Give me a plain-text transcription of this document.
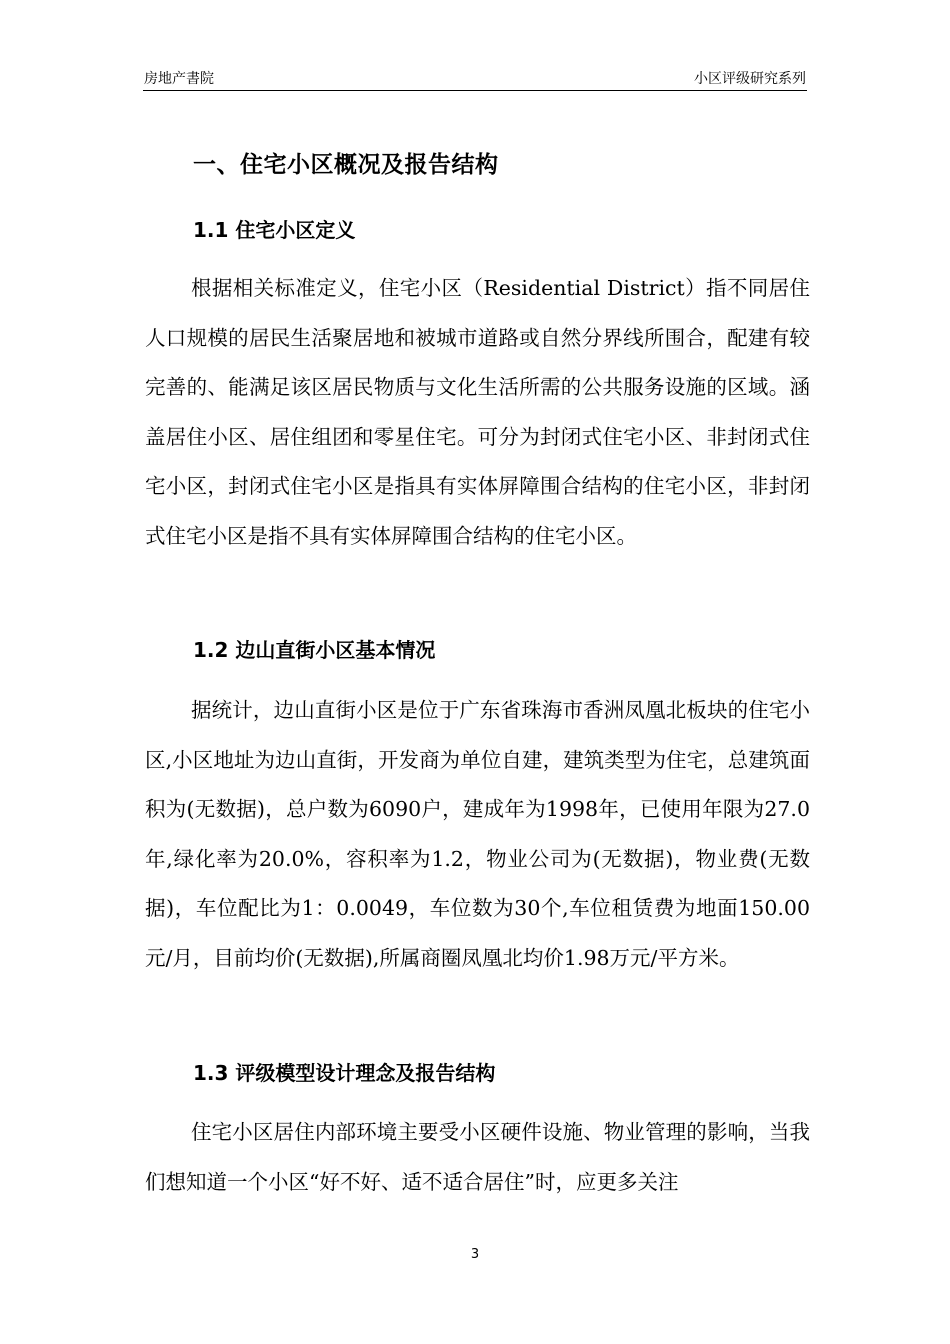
房地产書院	小区评级研究系列
一、住宅小区概况及报告结构
1.1 住宅小区定义
根据相关标准定义，住宅小区（Residential District）指不同居住人口规模的居民生活聚居地和被城市道路或自然分界线所围合，配建有较完善的、能满足该区居民物质与文化生活所需的公共服务设施的区域。涵盖居住小区、居住组团和零星住宅。可分为封闭式住宅小区、非封闭式住宅小区，封闭式住宅小区是指具有实体屏障围合结构的住宅小区，非封闭式住宅小区是指不具有实体屏障围合结构的住宅小区。
1.2 边山直街小区基本情况
据统计，边山直街小区是位于广东省珠海市香洲凤凰北板块的住宅小区,小区地址为边山直街，开发商为单位自建，建筑类型为住宅，总建筑面积为(无数据)，总户数为6090户，建成年为1998年，已使用年限为27.0年,绿化率为20.0%，容积率为1.2，物业公司为(无数据)，物业费(无数据)，车位配比为1：0.0049，车位数为30个,车位租赁费为地面150.00元/月，目前均价(无数据),所属商圈凤凰北均价1.98万元/平方米。
1.3 评级模型设计理念及报告结构
住宅小区居住内部环境主要受小区硬件设施、物业管理的影响，当我们想知道一个小区“好不好、适不适合居住”时，应更多关注
3
